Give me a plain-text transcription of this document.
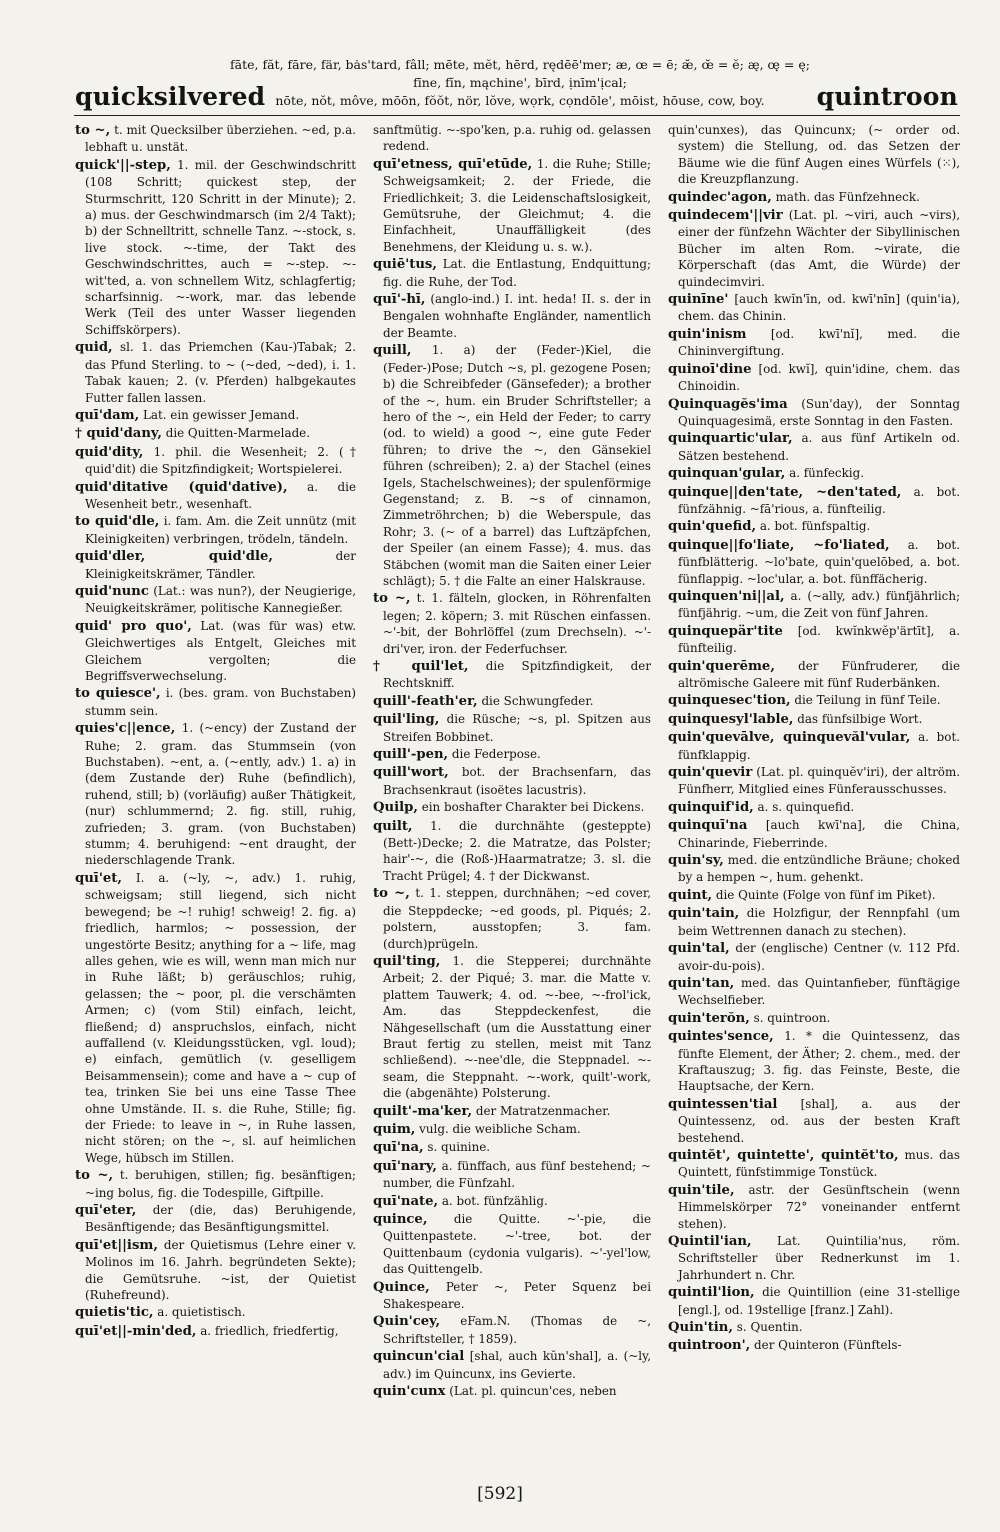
quicksilvered
fāte, făt, fāre, fär, bȧs'tard, fâll; mēte, mĕt, hērd, rędēē'mer; æ, œ = ē; æ̆, œ̆ = ĕ; æ̨, œ̨ = ę;
fīne, fĭn, mąchine', bīrd, ịnīm'ịcal;
nōte, nŏt, môve, mōōn, fŏŏt, nör, lŏve, wọrk, cọndōle', mōist, hōuse, cow, boy.	quintroon
to ~, t. mit Quecksilber überziehen. ~ed, p.a. lebhaft u. unstät.
quick'||-step, 1. mil. der Geschwindschritt (108 Schritt; quickest step, der Sturmschritt, 120 Schritt in der Minute); 2. a) mus. der Geschwindmarsch (im 2/4 Takt); b) der Schnelltritt, schnelle Tanz. ~-stock, s. live stock. ~-time, der Takt des Geschwindschrittes, auch = ~-step. ~-wit'ted, a. von schnellem Witz, schlagfertig; scharfsinnig. ~-work, mar. das lebende Werk (Teil des unter Wasser liegenden Schiffskörpers).
quid, sl. 1. das Priemchen (Kau-)Tabak; 2. das Pfund Sterling. to ~ (~ded, ~ded), i. 1. Tabak kauen; 2. (v. Pferden) halbgekautes Futter fallen lassen.
quī'dam, Lat. ein gewisser Jemand.
† quid'dany, die Quitten-Marmelade.
quid'dity, 1. phil. die Wesenheit; 2. († quid'dit) die Spitzfindigkeit; Wortspielerei.
quid'ditative (quid'dative), a. die Wesenheit betr., wesenhaft.
to quid'dle, i. fam. Am. die Zeit unnütz (mit Kleinigkeiten) verbringen, trödeln, tändeln.
quid'dler, quid'dle,	der Kleinigkeitskrämer, Tändler.
quid'nunc (Lat.: was nun?), der Neugierige, Neuigkeitskrämer, politische Kannegießer.
quid' pro quo', Lat. (was für was) etw. Gleichwertiges als Entgelt, Gleiches mit Gleichem vergolten; die Begriffsverwechselung.
to quiesce', i. (bes. gram. von Buchstaben) stumm sein.
quies'c||ence, 1. (~ency) der Zustand der Ruhe; 2. gram. das Stummsein (von Buchstaben). ~ent, a. (~ently, adv.) 1. a) in (dem Zustande der) Ruhe (befindlich), ruhend, still; b) (vorläufig) außer Thätigkeit, (nur) schlummernd; 2. fig. still, ruhig, zufrieden; 3. gram. (von Buchstaben) stumm; 4. beruhigend: ~ent draught, der niederschlagende Trank.
quī'et, I. a. (~ly, ~, adv.) 1. ruhig, schweigsam; still liegend, sich nicht bewegend; be ~! ruhig! schweig! 2. fig. a) friedlich, harmlos; ~ possession, der ungestörte Besitz; anything for a ~ life, mag alles gehen, wie es will, wenn man mich nur in Ruhe läßt; b) geräuschlos; ruhig, gelassen; the ~ poor, pl. die verschämten Armen; c) (vom Stil) einfach, leicht, fließend; d) anspruchslos, einfach, nicht auffallend (v. Kleidungsstücken, vgl. loud); e) einfach, gemütlich (v. geselligem Beisammensein); come and have a ~ cup of tea, trinken Sie bei uns eine Tasse Thee ohne Umstände. II. s. die Ruhe, Stille; fig. der Friede: to leave in ~, in Ruhe lassen, nicht stören; on the ~, sl. auf heimlichen Wege, hübsch im Stillen.
to ~, t. beruhigen, stillen; fig. besänftigen; ~ing bolus, fig. die Todespille, Giftpille.
quī'eter, der (die, das) Beruhigende, Besänftigende; das Besänftigungsmittel.
quī'et||ism, der Quietismus (Lehre einer v. Molinos im 16. Jahrh. begründeten Sekte); die Gemütsruhe. ~ist, der Quietist (Ruhefreund).
quietis'tic, a. quietistisch.
quī'et||-min'ded, a. friedlich, friedfertig,
sanftmütig. ~-spo'ken, p.a. ruhig od. gelassen redend.
quī'etness, quī'etūde, 1. die Ruhe; Stille; Schweigsamkeit; 2. der Friede, die Friedlichkeit; 3. die Leidenschaftslosigkeit, Gemütsruhe, der Gleichmut; 4. die Einfachheit, Unauffälligkeit (des Benehmens, der Kleidung u. s. w.).
quiē'tus, Lat. die Entlastung, Endquittung; fig. die Ruhe, der Tod.
quī'-hī, (anglo-ind.) I. int. heda! II. s. der in Bengalen wohnhafte Engländer, namentlich der Beamte.
quill, 1. a) der (Feder-)Kiel, die (Feder-)Pose; Dutch ~s, pl. gezogene Posen; b) die Schreibfeder (Gänsefeder); a brother of the ~, hum. ein Bruder Schriftsteller; a hero of the ~, ein Held der Feder; to carry (od. to wield) a good ~, eine gute Feder führen; to drive the ~, den Gänsekiel führen (schreiben); 2. a) der Stachel (eines Igels, Stachelschweines); der spulenförmige Gegenstand; z. B. ~s of cinnamon, Zimmetröhrchen; b) die Weberspule, das Rohr; 3. (~ of a barrel) das Luftzäpfchen, der Speiler (an einem Fasse); 4. mus. das Stäbchen (womit man die Saiten einer Leier schlägt); 5. † die Falte an einer Halskrause.
to ~, t. 1. fälteln, glocken, in Röhrenfalten legen; 2. köpern; 3. mit Rüschen einfassen. ~'-bit, der Bohrlöffel (zum Drechseln). ~'-dri'ver, iron. der Federfuchser.
† quil'let, die Spitzfindigkeit, der Rechtskniff.
quill'-feath'er, die Schwungfeder.
quil'ling, die Rüsche; ~s, pl. Spitzen aus Streifen Bobbinet.
quill'-pen, die Federpose.
quill'wort, bot. der Brachsenfarn, das Brachsenkraut (isoëtes lacustris).
Quilp, ein boshafter Charakter bei Dickens.
quilt, 1. die durchnähte (gesteppte) (Bett-)Decke; 2. die Matratze, das Polster; hair'-~, die (Roß-)Haarmatratze; 3. sl. die Tracht Prügel; 4. † der Dickwanst.
to ~, t. 1. steppen, durchnähen; ~ed cover, die Steppdecke; ~ed goods, pl. Piqués; 2. polstern, ausstopfen; 3. fam. (durch)prügeln.
quil'ting, 1. die Stepperei; durchnähte Arbeit; 2. der Piqué; 3. mar. die Matte v. plattem Tauwerk; 4. od. ~-bee, ~-frol'ick, Am. das Steppdeckenfest, die Nähgesellschaft (um die Ausstattung einer Braut fertig zu stellen, meist mit Tanz schließend). ~-nee'dle, die Steppnadel. ~-seam, die Steppnaht. ~-work, quilt'-work, die (abgenähte) Polsterung.
quilt'-ma'ker, der Matratzenmacher.
quim, vulg. die weibliche Scham.
quī'na, s. quinine.
quī'nary, a. fünffach, aus fünf bestehend; ~ number, die Fünfzahl.
quī'nate, a. bot. fünfzählig.
quince, die Quitte. ~'-pie, die Quittenpastete. ~'-tree, bot. der Quittenbaum (cydonia vulgaris). ~'-yel'low, das Quittengelb.
Quince, Peter ~, Peter Squenz bei Shakespeare.
Quin'cey, eFam.N. (Thomas de ~, Schriftsteller, † 1859).
quincun'cial [shal, auch kŭn'shal], a. (~ly, adv.) im Quincunx, ins Gevierte.
quin'cunx (Lat. pl. quincun'ces, neben
quin'cunxes), das Quincunx; (~ order od. system) die Stellung, od. das Setzen der Bäume wie die fünf Augen eines Würfels (⁙), die Kreuzpflanzung.
quindec'agon, math. das Fünfzehneck.
quindecem'||vir (Lat. pl. ~viri, auch ~virs), einer der fünfzehn Wächter der Sibyllinischen Bücher im alten Rom. ~virate, die Körperschaft (das Amt, die Würde) der quindecimviri.
quinīne' [auch kwĭn'īn, od. kwī'nīn] (quin'ia), chem. das Chinin.
quin'inism [od. kwī'nĭ], med. die Chininvergiftung.
quinoī'dine [od. kwĭ], quin'idine, chem. das Chinoidin.
Quinquagĕs'ima (Sun'day), der Sonntag Quinquagesimä, erste Sonntag in den Fasten.
quinquartic'ular, a. aus fünf Artikeln od. Sätzen bestehend.
quinquan'gular, a. fünfeckig.
quinque||den'tate, ~den'tated, a. bot. fünfzähnig. ~fā'rious, a. fünfteilig.
quin'quefid, a. bot. fünfspaltig.
quinque||fo'liate, ~fo'liated, a. bot. fünfblätterig. ~lo'bate, quin'quelōbed, a. bot. fünflappig. ~loc'ular, a. bot. fünffächerig.
quinquen'ni||al, a. (~ally, adv.) fünfjährlich; fünfjährig. ~um, die Zeit von fünf Jahren.
quinquepär'tite [od. kwĭnkwĕp'ärtīt], a. fünfteilig.
quin'querēme, der Fünfruderer, die altrömische Galeere mit fünf Ruderbänken.
quinquesec'tion, die Teilung in fünf Teile.
quinquesyl'lable, das fünfsilbige Wort.
quin'quevālve, quinquevăl'vular, a. bot. fünfklappig.
quin'quevir (Lat. pl. quinquĕv'iri), der altröm. Fünfherr, Mitglied eines Fünferausschusses.
quinquif'id, a. s. quinquefid.
quinquī'na [auch kwī'na], die China, Chinarinde, Fieberrinde.
quin'sy, med. die entzündliche Bräune; choked by a hempen ~, hum. gehenkt.
quint, die Quinte (Folge von fünf im Piket).
quin'tain, die Holzfigur, der Rennpfahl (um beim Wettrennen danach zu stechen).
quin'tal, der (englische) Centner (v. 112 Pfd. avoir-du-pois).
quin'tan, med. das Quintanfieber, fünftägige Wechselfieber.
quin'terŏn, s. quintroon.
quintes'sence, 1. * die Quintessenz, das fünfte Element, der Äther; 2. chem., med. der Kraftauszug; 3. fig. das Feinste, Beste, die Hauptsache, der Kern.
quintessen'tial [shal], a. aus der Quintessenz, od. aus der besten Kraft bestehend.
quintĕt', quintette', quintĕt'to, mus. das Quintett, fünfstimmige Tonstück.
quin'tile, astr. der Gesünftschein (wenn Himmelskörper 72° voneinander entfernt stehen).
Quintil'ian, Lat. Quintilia'nus, röm. Schriftsteller über Rednerkunst im 1. Jahrhundert n. Chr.
quintil'lion, die Quintillion (eine 31-stellige [engl.], od. 19stellige [franz.] Zahl).
Quin'tin, s. Quentin.
quintroon', der Quinteron (Fünftels-
[592]
